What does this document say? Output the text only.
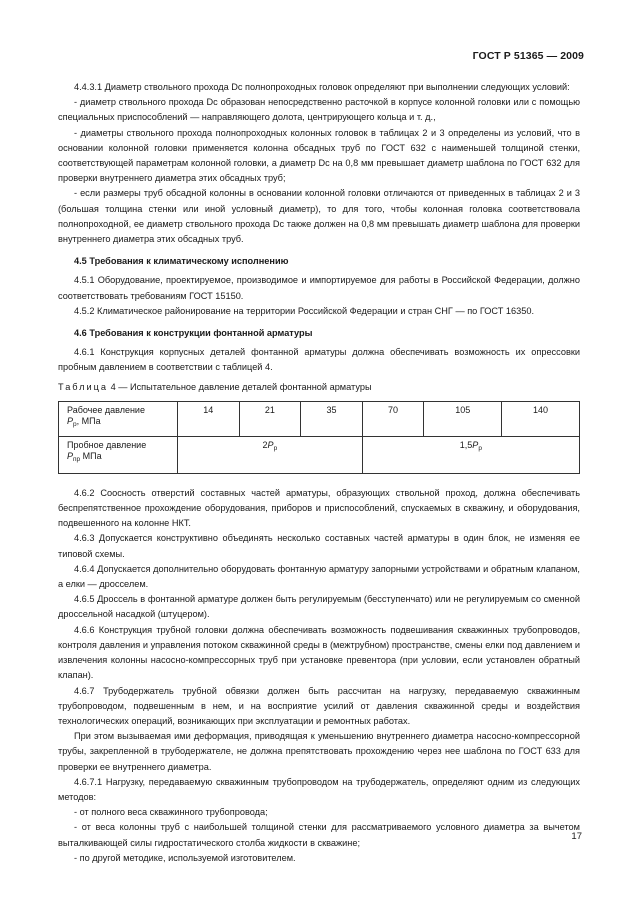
ГОСТ Р 51365 — 2009

4.4.3.1 Диаметр ствольного прохода Dc полнопроходных головок определяют при выполнении следующих условий:

- диаметр ствольного прохода Dc образован непосредственно расточкой в корпусе колонной головки или с помощью специальных приспособлений — направляющего долота, центрирующего кольца и т. д.,

- диаметры ствольного прохода полнопроходных колонных головок в таблицах 2 и 3 определены из условий, что в основании колонной головки применяется колонна обсадных труб по ГОСТ 632 с наименьшей толщиной стенки, соответствующей параметрам колонной головки, а диаметр Dc на 0,8 мм превышает диаметр шаблона по ГОСТ 632 для проверки внутреннего диаметра этих обсадных труб;

- если размеры труб обсадной колонны в основании колонной головки отличаются от приведенных в таблицах 2 и 3 (большая толщина стенки или иной условный диаметр), то для того, чтобы колонная головка соответствовала полнопроходной, ее диаметр ствольного прохода Dc также должен на 0,8 мм превышать диаметр шаблона для проверки внутреннего диаметра этих обсадных труб.

4.5 Требования к климатическому исполнению

4.5.1 Оборудование, проектируемое, производимое и импортируемое для работы в Российской Федерации, должно соответствовать требованиям ГОСТ 15150.

4.5.2 Климатическое районирование на территории Российской Федерации и стран СНГ — по ГОСТ 16350.

4.6 Требования к конструкции фонтанной арматуры

4.6.1 Конструкция корпусных деталей фонтанной арматуры должна обеспечивать возможность их опрессовки пробным давлением в соответствии с таблицей 4.

Таблица 4 — Испытательное давление деталей фонтанной арматуры

Рабочее давление
$P_р$, МПа	14	21	35	70	105	140
Пробное давление
$P_{пр}$ МПа	$2P_р$			$1,5P_р$

4.6.2 Соосность отверстий составных частей арматуры, образующих ствольной проход, должна обеспечивать беспрепятственное прохождение оборудования, приборов и приспособлений, спускаемых в скважину, и оборудования, подвешенного на колонне НКТ.

4.6.3 Допускается конструктивно объединять несколько составных частей арматуры в один блок, не изменяя ее типовой схемы.

4.6.4 Допускается дополнительно оборудовать фонтанную арматуру запорными устройствами и обратным клапаном, а елки — дросселем.

4.6.5 Дроссель в фонтанной арматуре должен быть регулируемым (бесступенчато) или не регулируемым со сменной дроссельной насадкой (штуцером).

4.6.6 Конструкция трубной головки должна обеспечивать возможность подвешивания скважинных трубопроводов, контроля давления и управления потоком скважинной среды в (межтрубном) пространстве, смены елки под давлением и извлечения колонны насосно-компрессорных труб при установке превентора (при условии, если установлен обратный клапан).

4.6.7 Трубодержатель трубной обвязки должен быть рассчитан на нагрузку, передаваемую скважинным трубопроводом, подвешенным в нем, и на восприятие усилий от давления скважинной среды и воздействия технологических операций, возникающих при эксплуатации и ремонтных работах.

При этом вызываемая ими деформация, приводящая к уменьшению внутреннего диаметра насосно-компрессорной трубы, закрепленной в трубодержателе, не должна препятствовать прохождению через нее шаблона по ГОСТ 633 для проверки ее внутреннего диаметра.

4.6.7.1 Нагрузку, передаваемую скважинным трубопроводом на трубодержатель, определяют одним из следующих методов:

- от полного веса скважинного трубопровода;

- от веса колонны труб с наибольшей толщиной стенки для рассматриваемого условного диаметра за вычетом выталкивающей силы гидростатического столба жидкости в скважине;

- по другой методике, используемой изготовителем.

17
